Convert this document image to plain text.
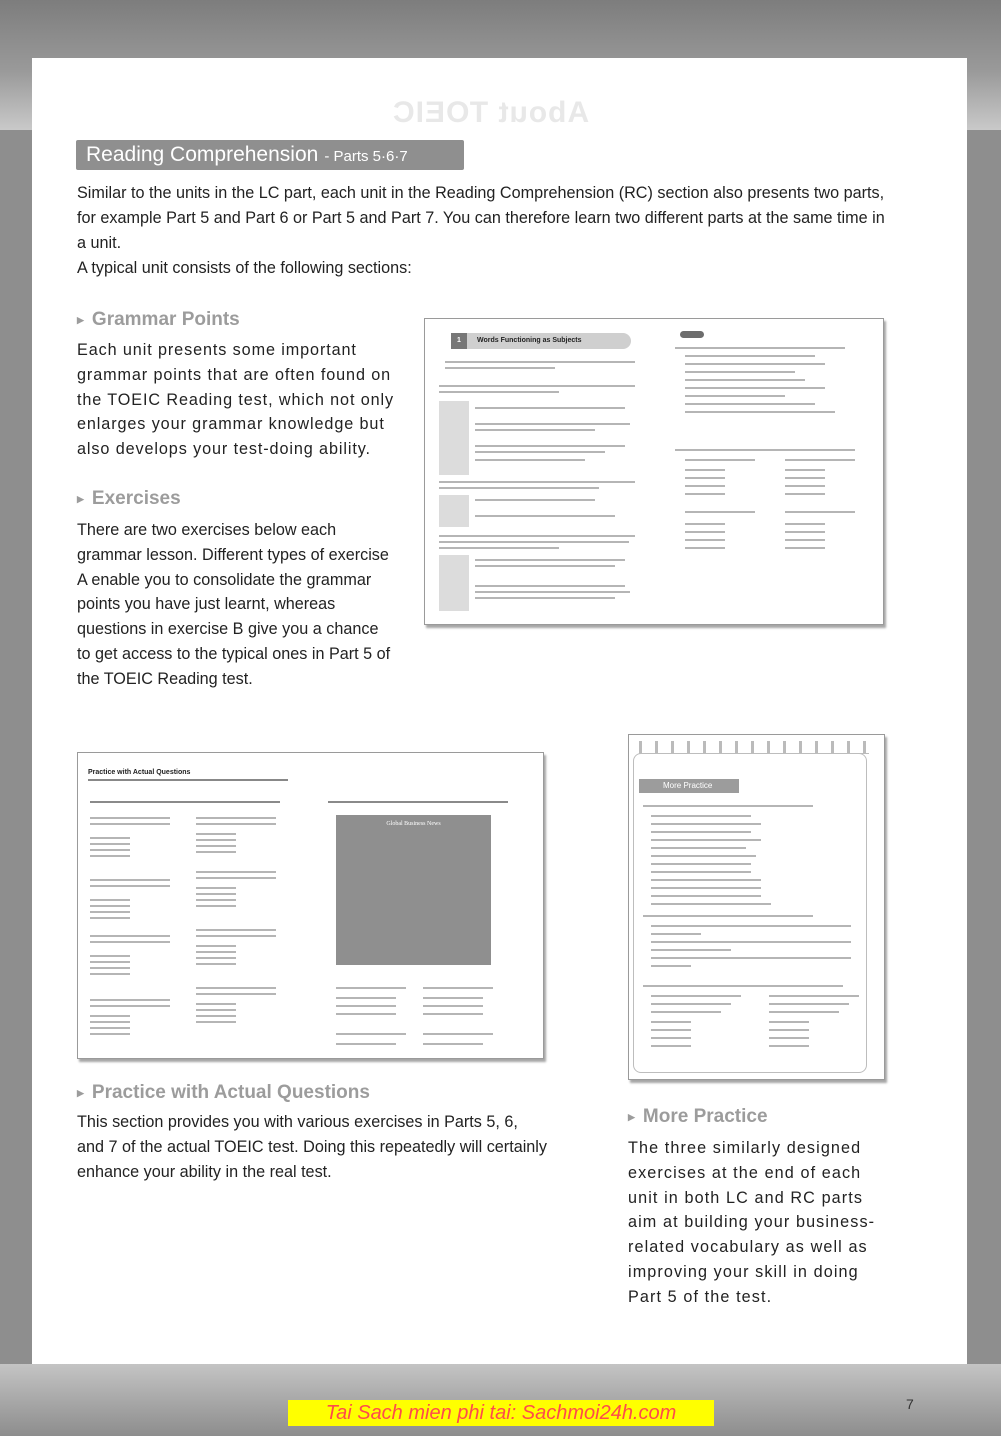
About TOEIC
Reading Comprehension - Parts 5·6·7

Similar to the units in the LC part, each unit in the Reading Comprehension (RC) section also presents two parts, for example Part 5 and Part 6 or Part 5 and Part 7. You can therefore learn two different parts at the same time in a unit.

A typical unit consists of the following sections:

▶ Grammar Points

Each unit presents some important grammar points that are often found on the TOEIC Reading test, which not only enlarges your grammar knowledge but also develops your test-doing ability.

▶ Exercises

There are two exercises below each grammar lesson. Different types of exercise A enable you to consolidate the grammar points you have just learnt, whereas questions in exercise B give you a chance to get access to the typical ones in Part 5 of the TOEIC Reading test.

1 Words Functioning as Subjects
Practice with Actual Questions
Global Business News
More Practice
▶ Practice with Actual Questions

This section provides you with various exercises in Parts 5, 6, and 7 of the actual TOEIC test. Doing this repeatedly will certainly enhance your ability in the real test.

▶ More Practice

The three similarly designed exercises at the end of each unit in both LC and RC parts aim at building your business-related vocabulary as well as improving your skill in doing Part 5 of the test.

Tai Sach mien phi tai: Sachmoi24h.com	7
